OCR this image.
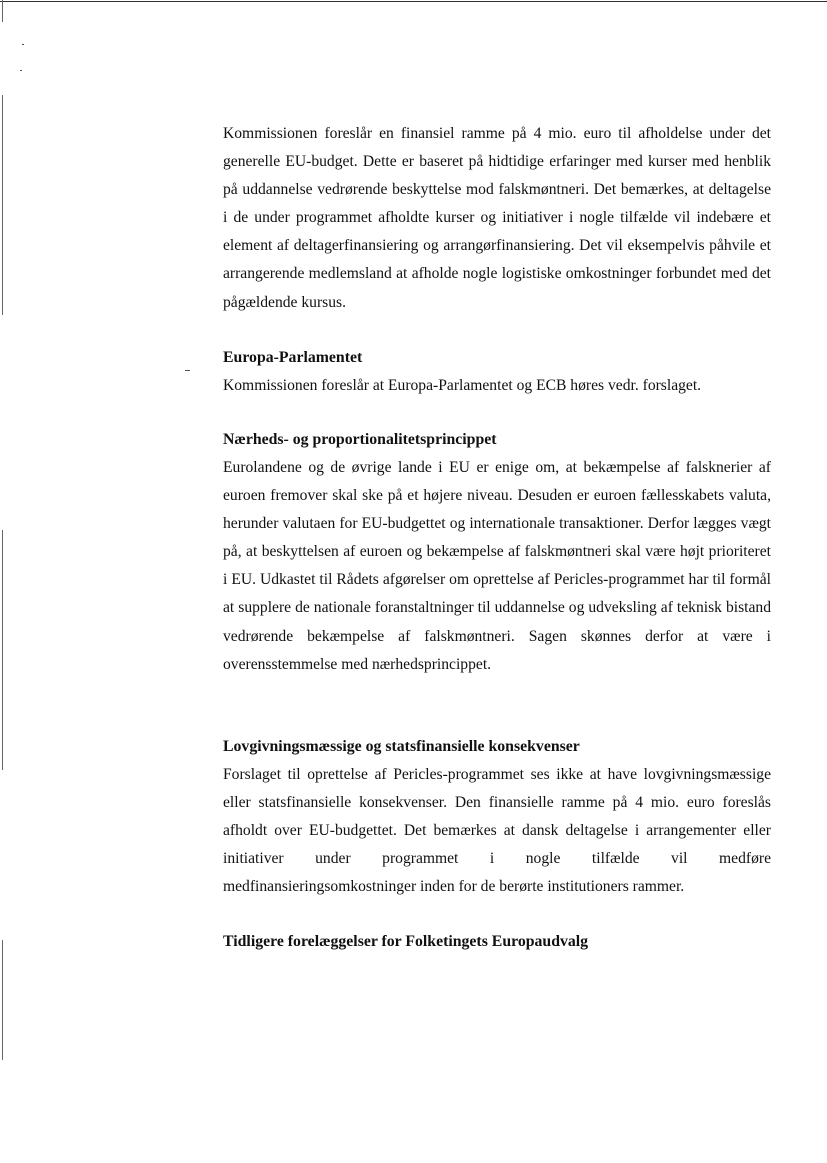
Kommissionen foreslår en finansiel ramme på 4 mio. euro til afholdelse under det generelle EU-budget. Dette er baseret på hidtidige erfaringer med kurser med henblik på uddannelse vedrørende beskyttelse mod falskmøntneri. Det bemærkes, at deltagelse i de under programmet afholdte kurser og initiativer i nogle tilfælde vil indebære et element af deltagerfinansiering og arrangørfinansiering. Det vil eksempelvis påhvile et arrangerende medlemsland at afholde nogle logistiske omkostninger forbundet med det pågældende kursus.

Europa-Parlamentet

Kommissionen foreslår at Europa-Parlamentet og ECB høres vedr. forslaget.

Nærheds- og proportionalitetsprincippet

Eurolandene og de øvrige lande i EU er enige om, at bekæmpelse af falsknerier af euroen fremover skal ske på et højere niveau. Desuden er euroen fællesskabets valuta, herunder valutaen for EU-budgettet og internationale transaktioner. Derfor lægges vægt på, at beskyttelsen af euroen og bekæmpelse af falskmøntneri skal være højt prioriteret i EU. Udkastet til Rådets afgørelser om oprettelse af Pericles-programmet har til formål at supplere de nationale foranstaltninger til uddannelse og udveksling af teknisk bistand vedrørende bekæmpelse af falskmøntneri. Sagen skønnes derfor at være i overensstemmelse med nærhedsprincippet.

Lovgivningsmæssige og statsfinansielle konsekvenser

Forslaget til oprettelse af Pericles-programmet ses ikke at have lovgivningsmæssige eller statsfinansielle konsekvenser. Den finansielle ramme på 4 mio. euro foreslås afholdt over EU-budgettet. Det bemærkes at dansk deltagelse i arrangementer eller initiativer under programmet i nogle tilfælde vil medføre medfinansieringsomkostninger inden for de berørte institutioners rammer.

Tidligere forelæggelser for Folketingets Europaudvalg
